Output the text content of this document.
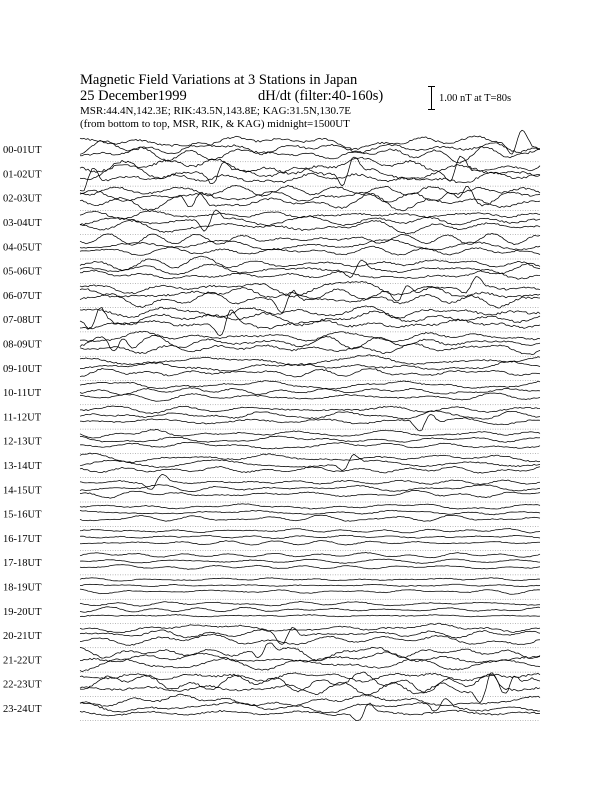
Magnetic Field Variations at 3 Stations in Japan
25 December1999	dH/dt (filter:40-160s)
MSR:44.4N,142.3E; RIK:43.5N,143.8E; KAG:31.5N,130.7E
(from bottom to top, MSR, RIK, & KAG) midnight=1500UT
1.00 nT at T=80s
00-01UT
01-02UT
02-03UT
03-04UT
04-05UT
05-06UT
06-07UT
07-08UT
08-09UT
09-10UT
10-11UT
11-12UT
12-13UT
13-14UT
14-15UT
15-16UT
16-17UT
17-18UT
18-19UT
19-20UT
20-21UT
21-22UT
22-23UT
23-24UT
